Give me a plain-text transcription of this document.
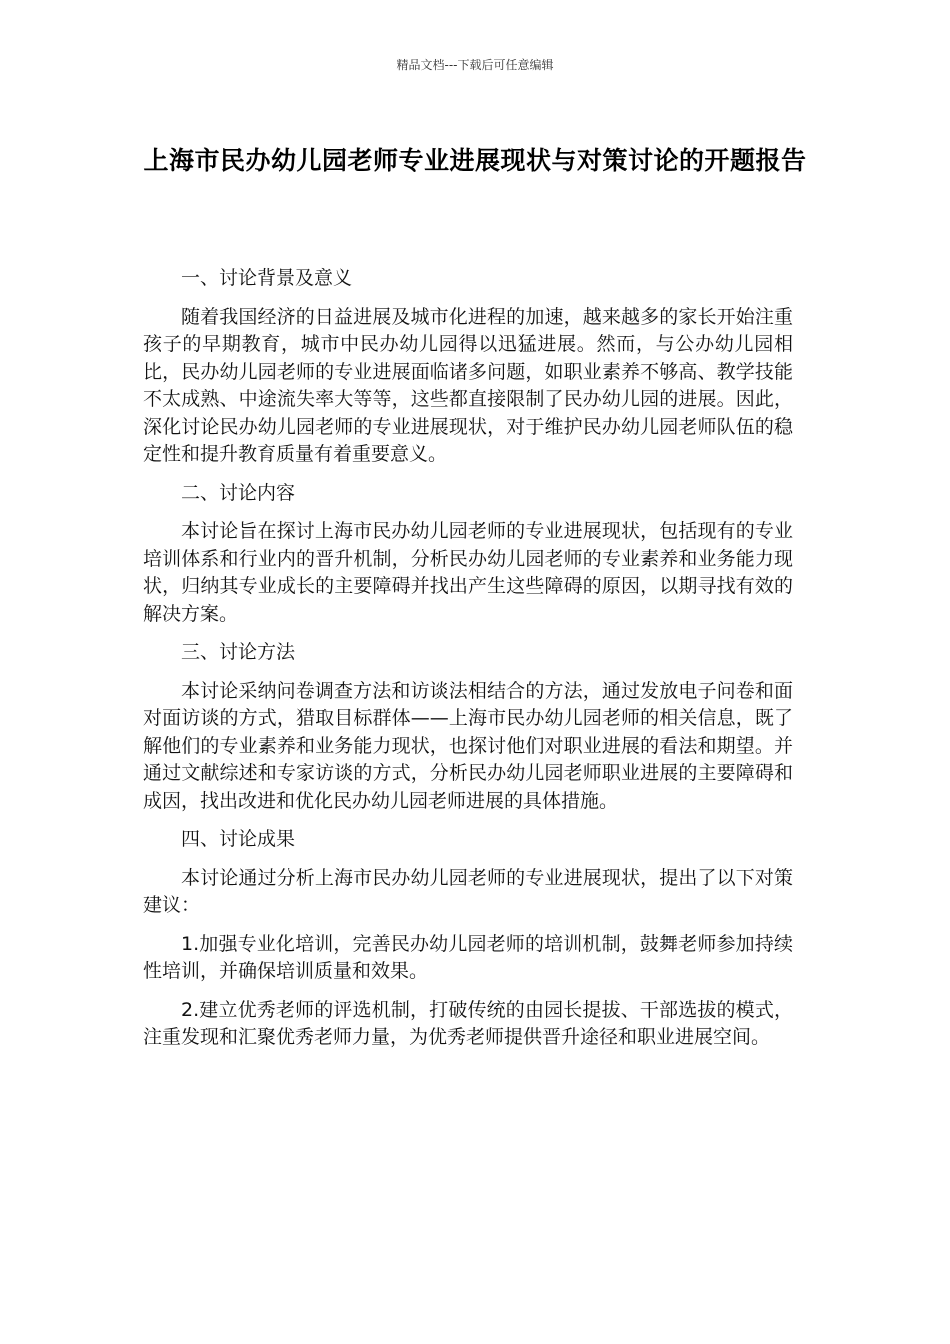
精品文档---下载后可任意编辑
上海市民办幼儿园老师专业进展现状与对策讨论的开题报告
一、讨论背景及意义
随着我国经济的日益进展及城市化进程的加速，越来越多的家长开始注重孩子的早期教育，城市中民办幼儿园得以迅猛进展。然而，与公办幼儿园相比，民办幼儿园老师的专业进展面临诸多问题，如职业素养不够高、教学技能不太成熟、中途流失率大等等，这些都直接限制了民办幼儿园的进展。因此，深化讨论民办幼儿园老师的专业进展现状，对于维护民办幼儿园老师队伍的稳定性和提升教育质量有着重要意义。
二、讨论内容
本讨论旨在探讨上海市民办幼儿园老师的专业进展现状，包括现有的专业培训体系和行业内的晋升机制，分析民办幼儿园老师的专业素养和业务能力现状，归纳其专业成长的主要障碍并找出产生这些障碍的原因，以期寻找有效的解决方案。
三、讨论方法
本讨论采纳问卷调查方法和访谈法相结合的方法，通过发放电子问卷和面对面访谈的方式，猎取目标群体——上海市民办幼儿园老师的相关信息，既了解他们的专业素养和业务能力现状，也探讨他们对职业进展的看法和期望。并通过文献综述和专家访谈的方式，分析民办幼儿园老师职业进展的主要障碍和成因，找出改进和优化民办幼儿园老师进展的具体措施。
四、讨论成果
本讨论通过分析上海市民办幼儿园老师的专业进展现状，提出了以下对策建议：
1.加强专业化培训，完善民办幼儿园老师的培训机制，鼓舞老师参加持续性培训，并确保培训质量和效果。
2.建立优秀老师的评选机制，打破传统的由园长提拔、干部选拔的模式，注重发现和汇聚优秀老师力量，为优秀老师提供晋升途径和职业进展空间。
